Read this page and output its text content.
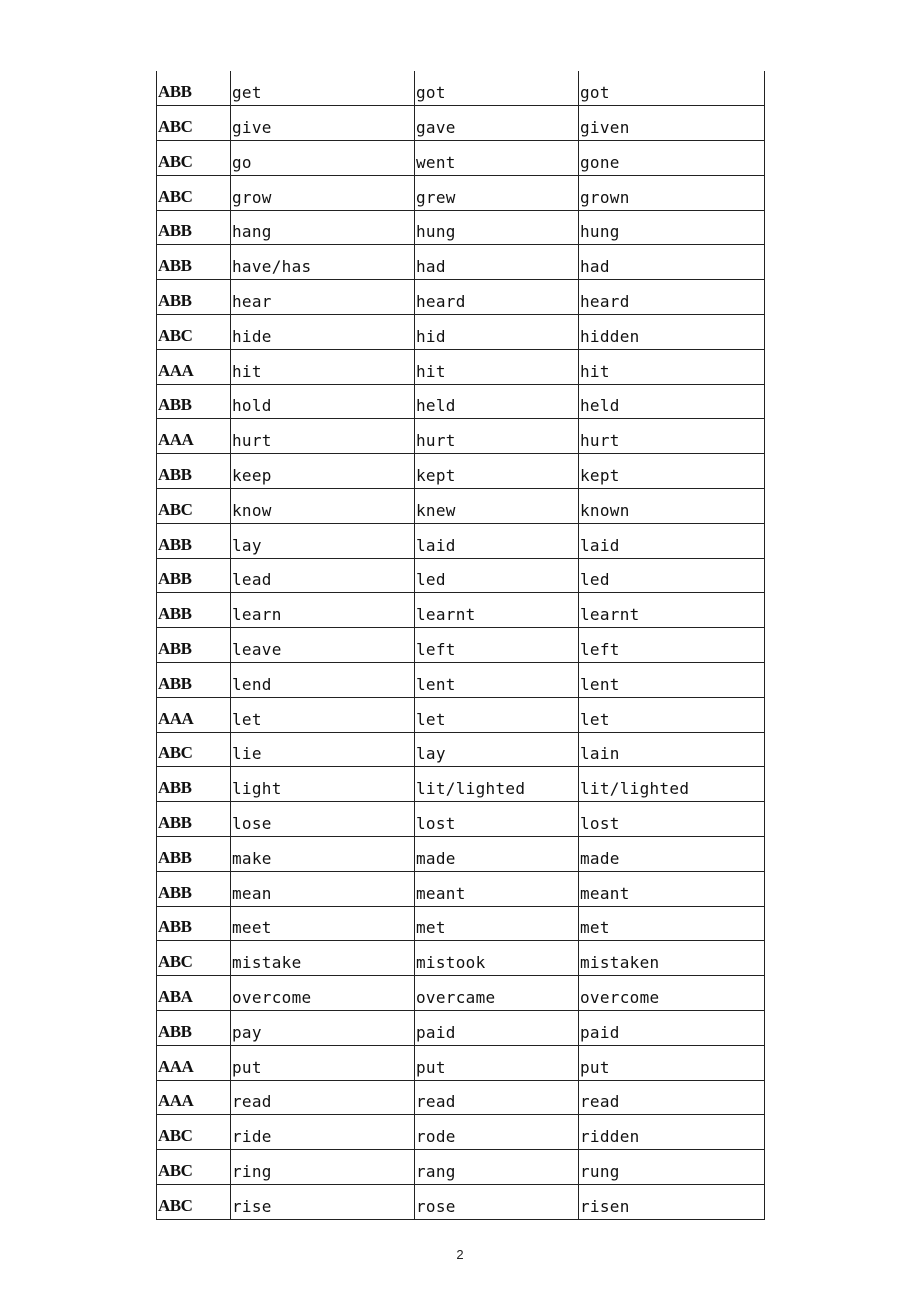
ABB	get	got	got
ABC	give	gave	given
ABC	go	went	gone
ABC	grow	grew	grown
ABB	hang	hung	hung
ABB	have/has	had	had
ABB	hear	heard	heard
ABC	hide	hid	hidden
AAA	hit	hit	hit
ABB	hold	held	held
AAA	hurt	hurt	hurt
ABB	keep	kept	kept
ABC	know	knew	known
ABB	lay	laid	laid
ABB	lead	led	led
ABB	learn	learnt	learnt
ABB	leave	left	left
ABB	lend	lent	lent
AAA	let	let	let
ABC	lie	lay	lain
ABB	light	lit/lighted	lit/lighted
ABB	lose	lost	lost
ABB	make	made	made
ABB	mean	meant	meant
ABB	meet	met	met
ABC	mistake	mistook	mistaken
ABA	overcome	overcame	overcome
ABB	pay	paid	paid
AAA	put	put	put
AAA	read	read	read
ABC	ride	rode	ridden
ABC	ring	rang	rung
ABC	rise	rose	risen
2
